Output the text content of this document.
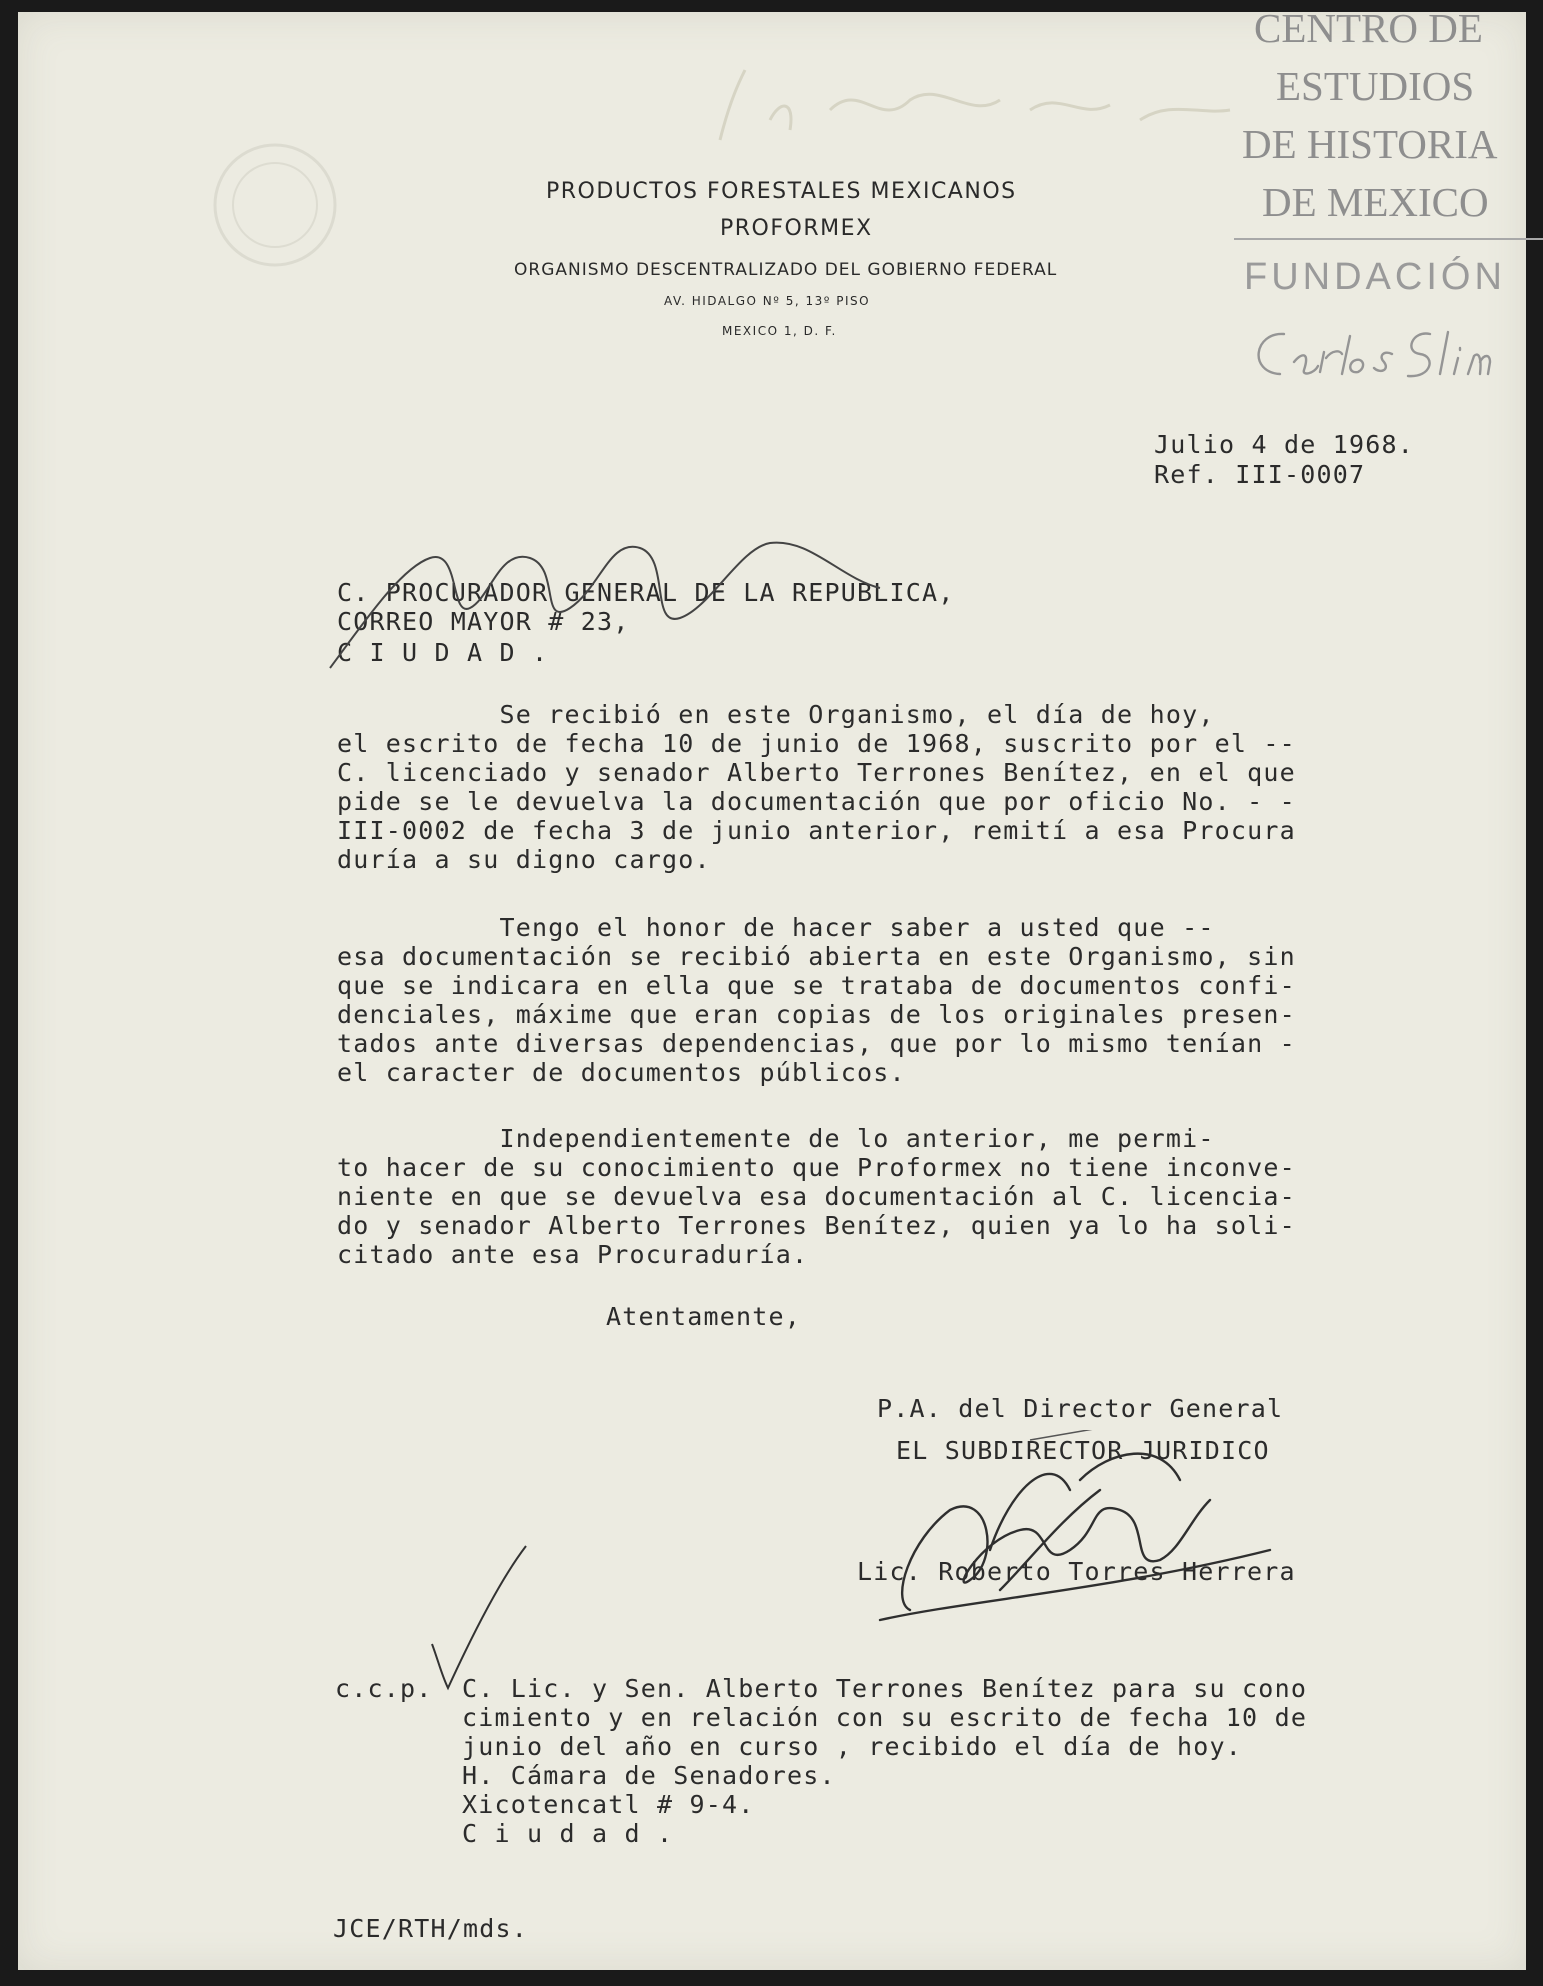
PRODUCTOS FORESTALES MEXICANOS
PROFORMEX
ORGANISMO DESCENTRALIZADO DEL GOBIERNO FEDERAL
AV. HIDALGO Nº 5, 13º PISO
MEXICO 1, D. F.
CENTRO DE
ESTUDIOS
DE HISTORIA
DE MEXICO
FUNDACIÓN
Julio 4 de 1968.
Ref. III-0007
C. PROCURADOR GENERAL DE LA REPUBLICA,
CORREO MAYOR # 23,
C I U D A D .
Se recibió en este Organismo, el día de hoy,
el escrito de fecha 10 de junio de 1968, suscrito por el --
C. licenciado y senador Alberto Terrones Benítez, en el que
pide se le devuelva la documentación que por oficio No. - -
III-0002 de fecha 3 de junio anterior, remití a esa Procura
duría a su digno cargo.
Tengo el honor de hacer saber a usted que --
esa documentación se recibió abierta en este Organismo, sin
que se indicara en ella que se trataba de documentos confi-
denciales, máxime que eran copias de los originales presen-
tados ante diversas dependencias, que por lo mismo tenían -
el caracter de documentos públicos.
Independientemente de lo anterior, me permi-
to hacer de su conocimiento que Proformex no tiene inconve-
niente en que se devuelva esa documentación al C. licencia-
do y senador Alberto Terrones Benítez, quien ya lo ha soli-
citado ante esa Procuraduría.
Atentamente,
P.A. del Director General
EL SUBDIRECTOR JURIDICO
Lic. Roberto Torres Herrera
c.c.p. C. Lic. y Sen. Alberto Terrones Benítez para su cono
cimiento y en relación con su escrito de fecha 10 de
junio del año en curso , recibido el día de hoy.
H. Cámara de Senadores.
Xicotencatl # 9-4.
C i u d a d .
JCE/RTH/mds.
